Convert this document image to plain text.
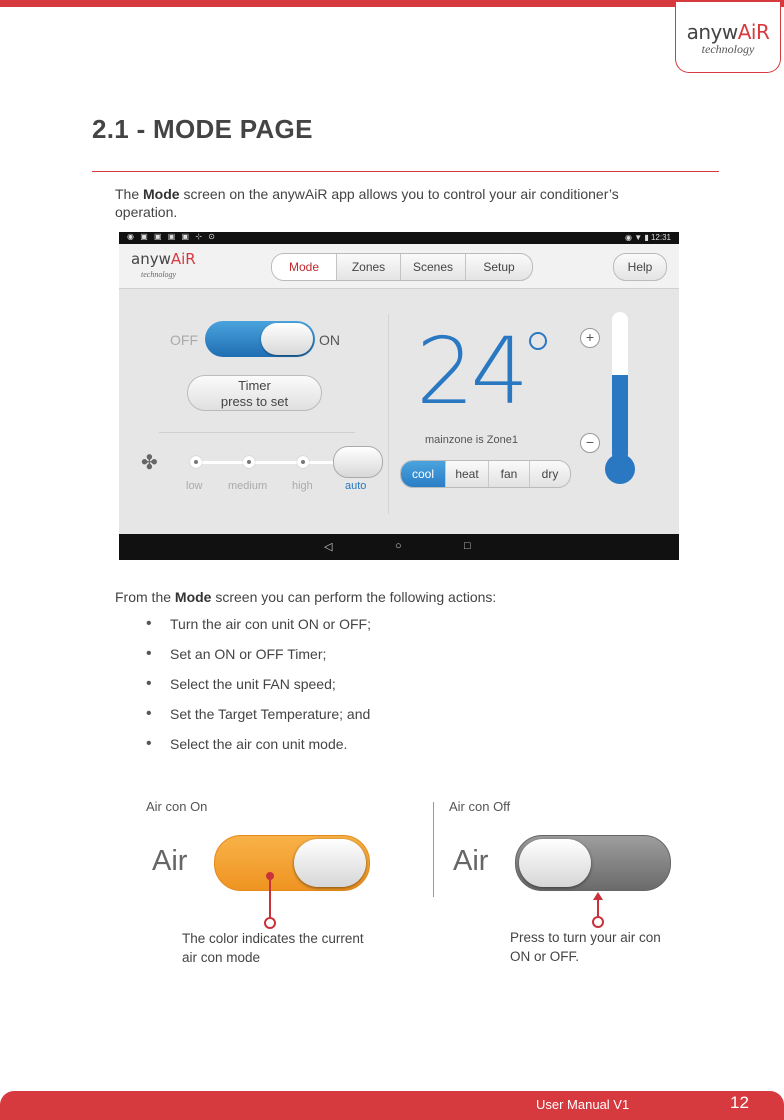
anywAiR
technology
2.1 - MODE PAGE
The Mode screen on the anywAiR app allows you to control your air conditioner’s operation.
◉ ▣ ▣ ▣ ▣ ⊹ ⊙	◉ ▼ ▮ 12:31
anywAiR
technology
Mode	Zones	Scenes	Setup	Help
OFF	ON
Timer
press to set
✤
low medium high	auto
24
mainzone is Zone1
cool	heat	fan	dry
+
−
◁	○	□
From the Mode screen you can perform the following actions:
• Turn the air con unit ON or OFF;
• Set an ON or OFF Timer;
• Select the unit FAN speed;
• Set the Target Temperature; and
• Select the air con unit mode.
Air con On	Air con Off
Air
The color indicates the current air con mode
Air
Press to turn your air con ON or OFF.
User Manual V1	12
